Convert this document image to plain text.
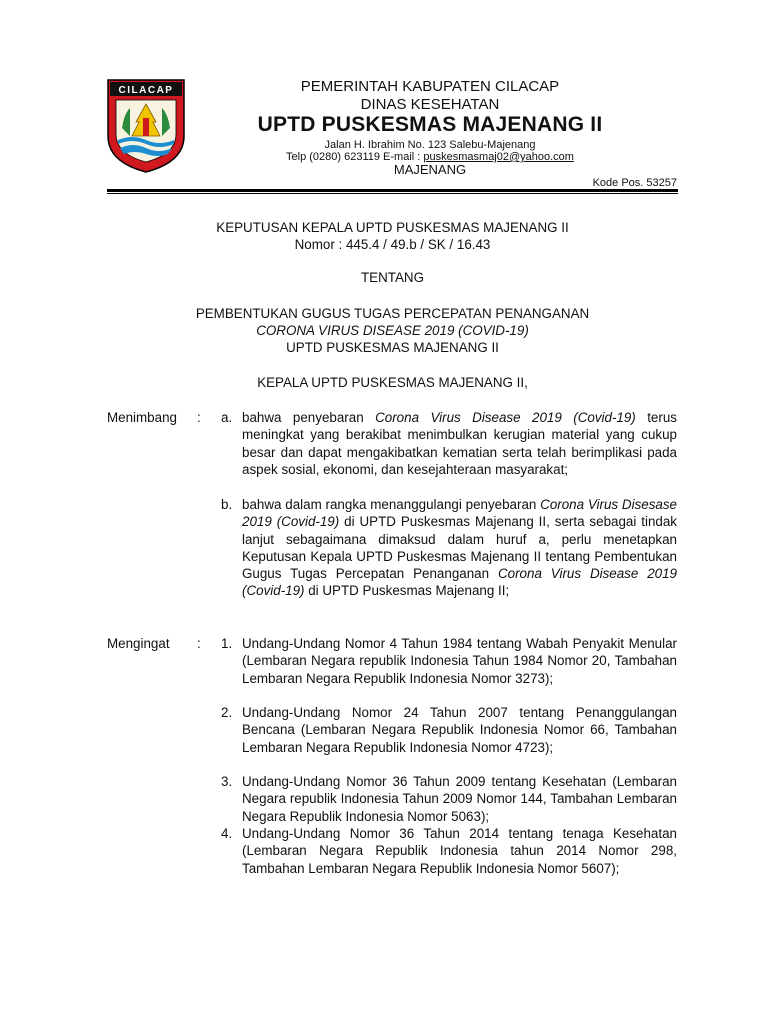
CILACAP	PEMERINTAH KABUPATEN CILACAP
DINAS KESEHATAN
UPTD PUSKESMAS MAJENANG II
Jalan H. Ibrahim No. 123 Salebu-Majenang
Telp (0280) 623119 E-mail : puskesmasmaj02@yahoo.com
MAJENANG
Kode Pos. 53257
KEPUTUSAN KEPALA UPTD PUSKESMAS MAJENANG II
Nomor : 445.4 / 49.b / SK / 16.43
TENTANG
PEMBENTUKAN GUGUS TUGAS PERCEPATAN PENANGANAN
CORONA VIRUS DISEASE 2019 (COVID-19)
UPTD PUSKESMAS MAJENANG II
KEPALA UPTD PUSKESMAS MAJENANG II,
Menimbang : a. bahwa penyebaran Corona Virus Disease 2019 (Covid-19) terus meningkat yang berakibat menimbulkan kerugian material yang cukup besar dan dapat mengakibatkan kematian serta telah berimplikasi pada aspek sosial, ekonomi, dan kesejahteraan masyarakat;
b. bahwa dalam rangka menanggulangi penyebaran Corona Virus Disesase 2019 (Covid-19) di UPTD Puskesmas Majenang II, serta sebagai tindak lanjut sebagaimana dimaksud dalam huruf a, perlu menetapkan Keputusan Kepala UPTD Puskesmas Majenang II tentang Pembentukan Gugus Tugas Percepatan Penanganan Corona Virus Disease 2019 (Covid-19) di UPTD Puskesmas Majenang II;
Mengingat : 1. Undang-Undang Nomor 4 Tahun 1984 tentang Wabah Penyakit Menular (Lembaran Negara republik Indonesia Tahun 1984 Nomor 20, Tambahan Lembaran Negara Republik Indonesia Nomor 3273);
2. Undang-Undang Nomor 24 Tahun 2007 tentang Penanggulangan Bencana (Lembaran Negara Republik Indonesia Nomor 66, Tambahan Lembaran Negara Republik Indonesia Nomor 4723);
3. Undang-Undang Nomor 36 Tahun 2009 tentang Kesehatan (Lembaran Negara republik Indonesia Tahun 2009 Nomor 144, Tambahan Lembaran Negara Republik Indonesia Nomor 5063);
4. Undang-Undang Nomor 36 Tahun 2014 tentang tenaga Kesehatan (Lembaran Negara Republik Indonesia tahun 2014 Nomor 298, Tambahan Lembaran Negara Republik Indonesia Nomor 5607);
